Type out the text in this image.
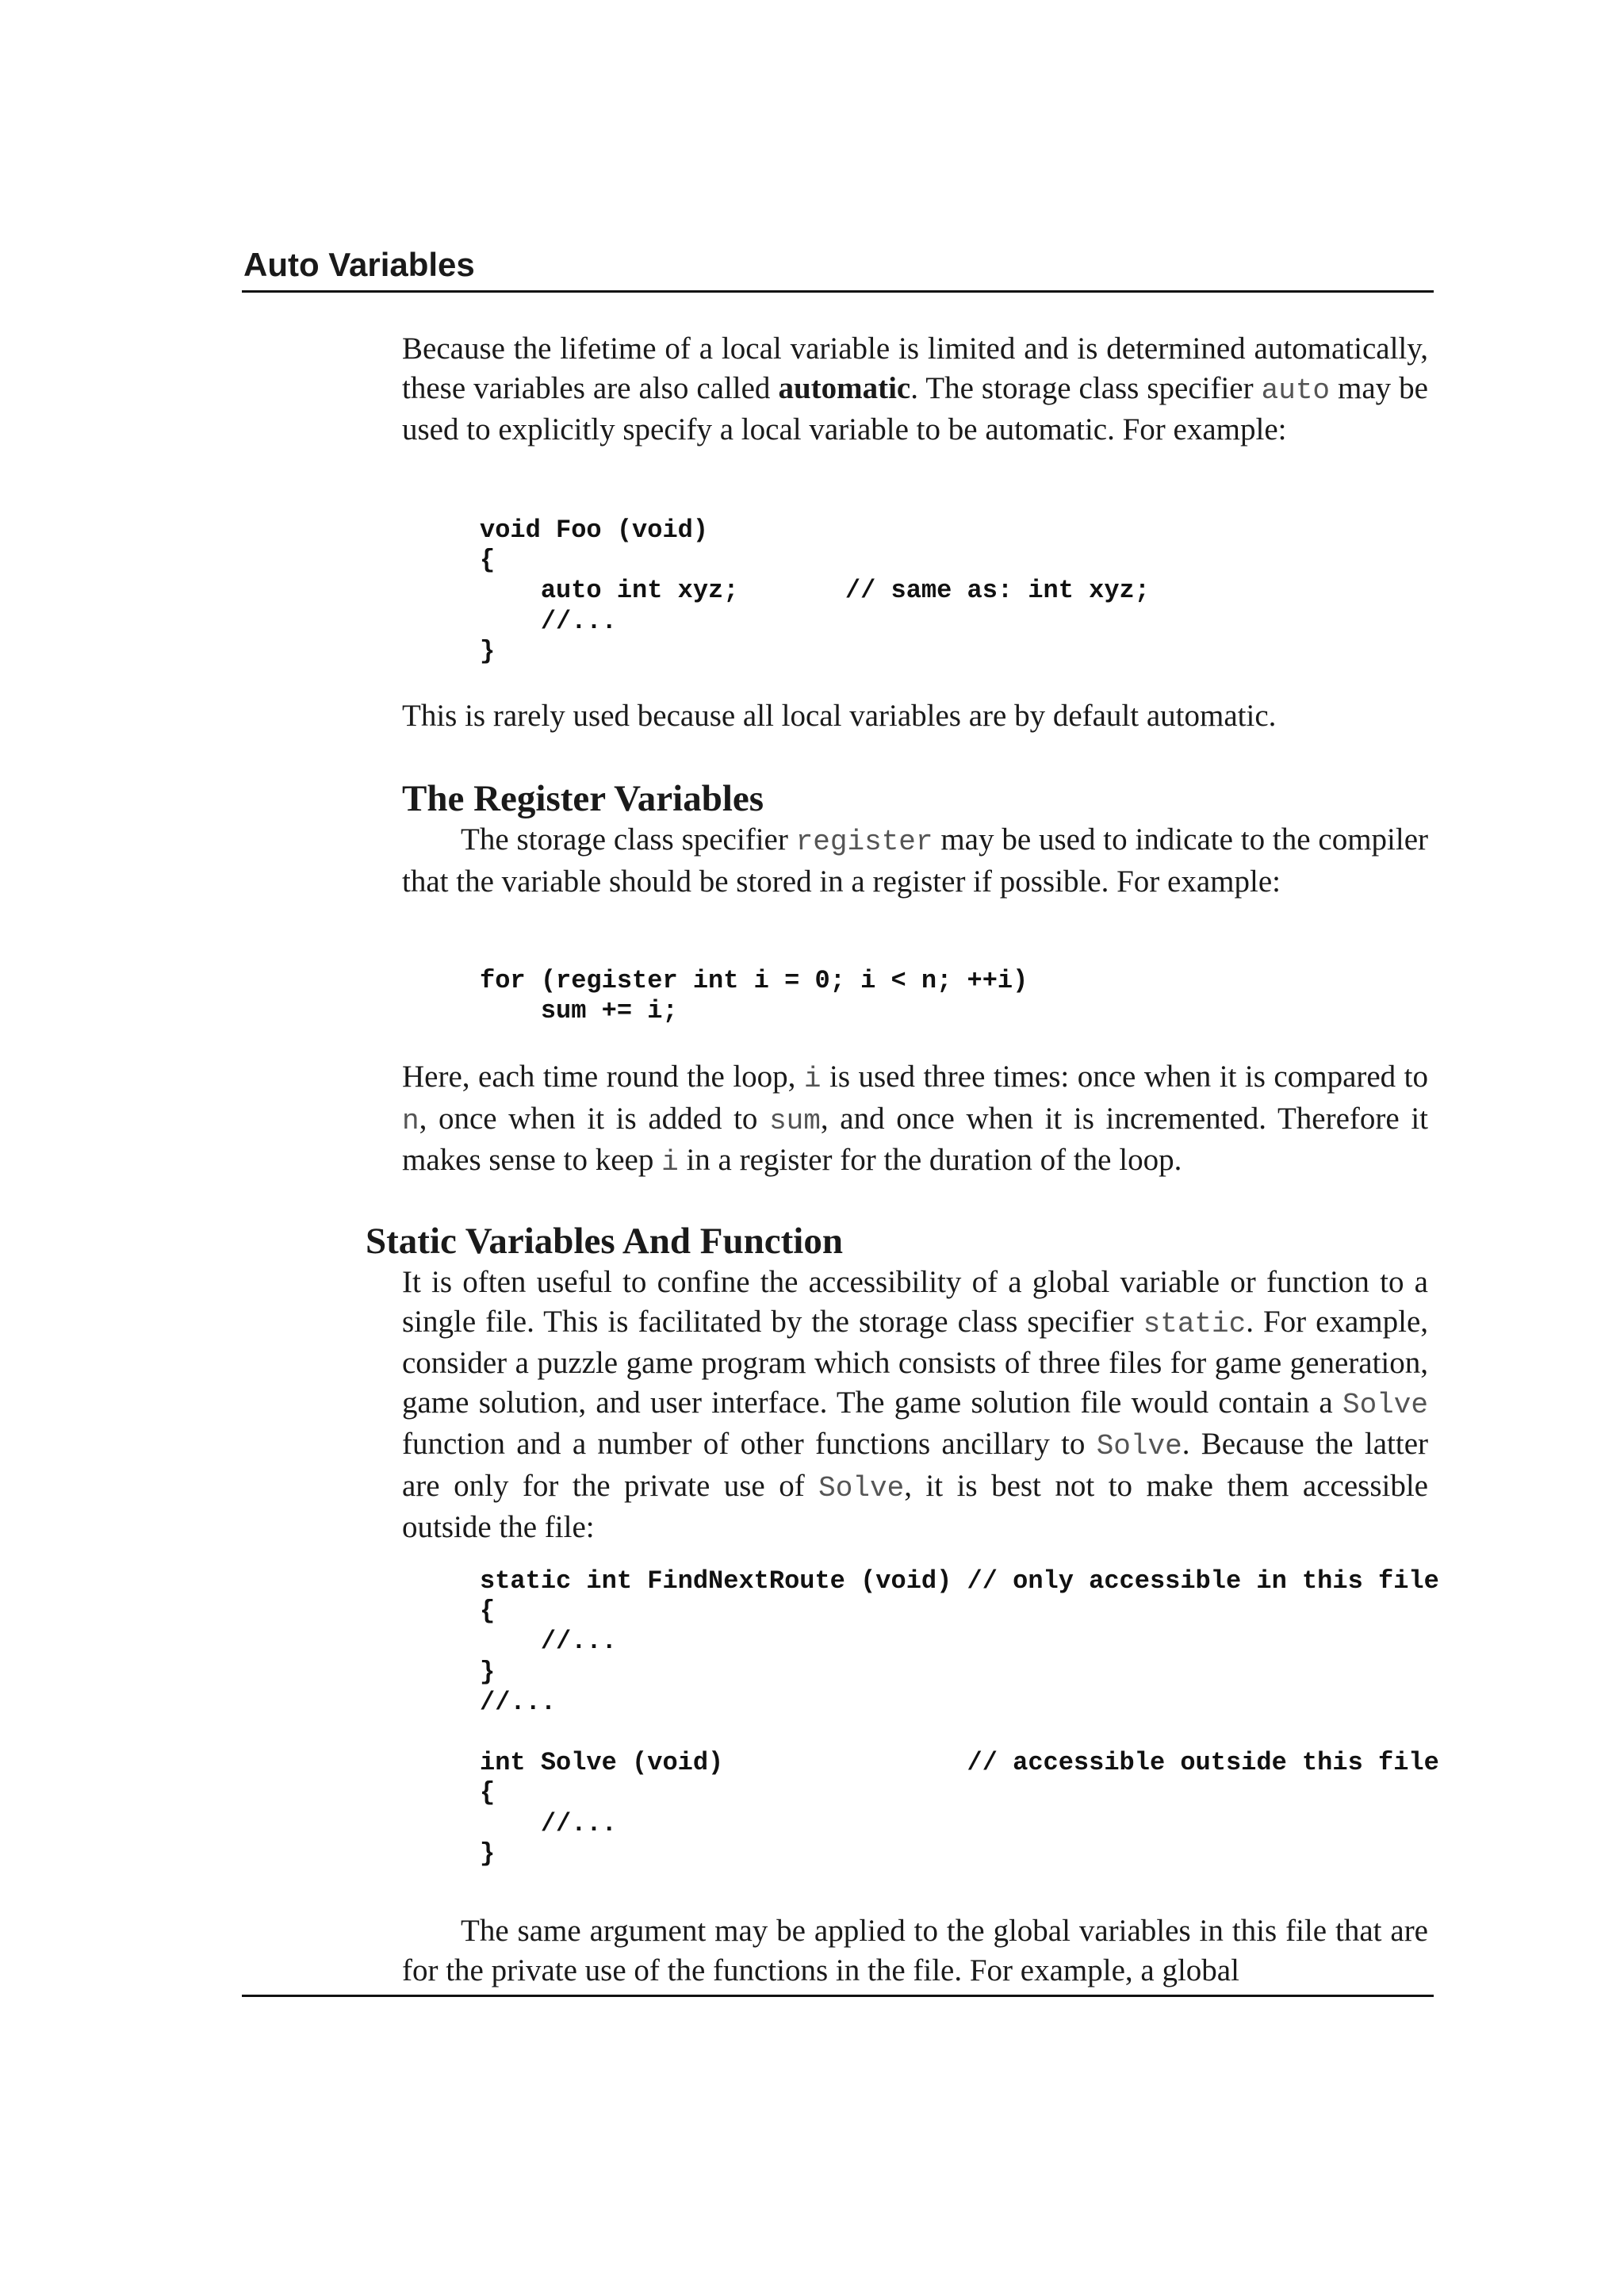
Auto Variables

Because the lifetime of a local variable is limited and is determined automatically, these variables are also called automatic. The storage class specifier auto may be used to explicitly specify a local variable to be automatic. For example:

void Foo (void)
{
auto int xyz;       // same as: int xyz;
//...
}

This is rarely used because all local variables are by default automatic.

The Register Variables

The storage class specifier register may be used to indicate to the compiler that the variable should be stored in a register if possible. For example:

for (register int i = 0; i < n; ++i)
sum += i;

Here, each time round the loop, i is used three times: once when it is compared to n, once when it is added to sum, and once when it is incremented. Therefore it makes sense to keep i in a register for the duration of the loop.

Static Variables And Function

It is often useful to confine the accessibility of a global variable or function to a single file. This is facilitated by the storage class specifier static. For example, consider a puzzle game program which consists of three files for game generation, game solution, and user interface. The game solution file would contain a Solve function and a number of other functions ancillary to Solve. Because the latter are only for the private use of Solve, it is best not to make them accessible outside the file:

static int FindNextRoute (void) // only accessible in this file
{
//...
}
//...

int Solve (void)                // accessible outside this file
{
//...
}

The same argument may be applied to the global variables in this file that are for the private use of the functions in the file. For example, a global
